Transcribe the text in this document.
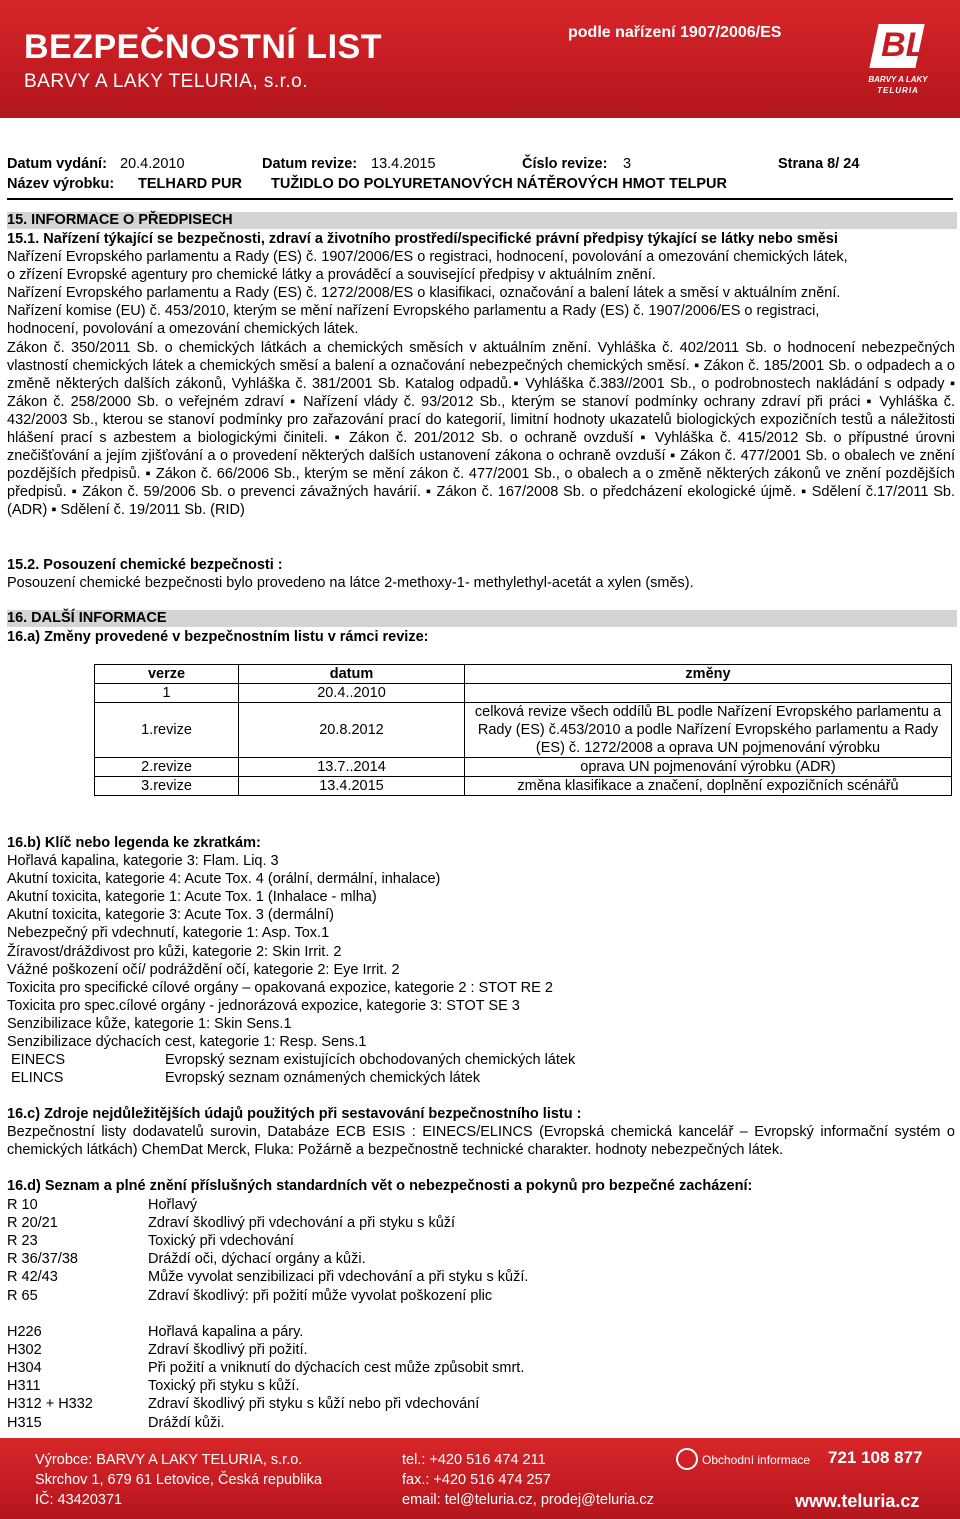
BEZPEČNOSTNÍ LIST
BARVY A LAKY TELURIA, s.r.o.
podle nařízení 1907/2006/ES	BL
BARVY A LAKY
TELURIA
Datum vydání: 20.4.2010	Datum revize: 13.4.2015	Číslo revize: 3	Strana 8/ 24
Název výrobku: TELHARD PUR TUŽIDLO DO POLYURETANOVÝCH NÁTĚROVÝCH HMOT TELPUR
15. INFORMACE O PŘEDPISECH

15.1. Nařízení týkající se bezpečnosti, zdraví a životního prostředí/specifické právní předpisy týkající se látky nebo směsi

Nařízení Evropského parlamentu a Rady (ES) č. 1907/2006/ES o registraci, hodnocení, povolování a omezování chemických látek,

o zřízení Evropské agentury pro chemické látky a prováděcí a související předpisy v aktuálním znění.

Nařízení Evropského parlamentu a Rady (ES) č. 1272/2008/ES o klasifikaci, označování a balení látek a směsí v aktuálním znění.

Nařízení komise (EU) č. 453/2010, kterým se mění nařízení Evropského parlamentu a Rady (ES) č. 1907/2006/ES o registraci,

hodnocení, povolování a omezování chemických látek.

Zákon č. 350/2011 Sb. o chemických látkách a chemických směsích v aktuálním znění. Vyhláška č. 402/2011 Sb. o hodnocení nebezpečných vlastností chemických látek a chemických směsí a balení a označování nebezpečných chemických směsí. ▪ Zákon č. 185/2001 Sb. o odpadech a o změně některých dalších zákonů, Vyhláška č. 381/2001 Sb. Katalog odpadů.▪ Vyhláška č.383//2001 Sb., o podrobnostech nakládání s odpady ▪ Zákon č. 258/2000 Sb. o veřejném zdraví ▪ Nařízení vlády č. 93/2012 Sb., kterým se stanoví podmínky ochrany zdraví při práci ▪ Vyhláška č. 432/2003 Sb., kterou se stanoví podmínky pro zařazování prací do kategorií, limitní hodnoty ukazatelů biologických expozičních testů a náležitosti hlášení prací s azbestem a biologickými činiteli. ▪ Zákon č. 201/2012 Sb. o ochraně ovzduší ▪ Vyhláška č. 415/2012 Sb. o přípustné úrovni znečišťování a jejím zjišťování a o provedení některých dalších ustanovení zákona o ochraně ovzduší ▪ Zákon č. 477/2001 Sb. o obalech ve znění pozdějších předpisů. ▪ Zákon č. 66/2006 Sb., kterým se mění zákon č. 477/2001 Sb., o obalech a o změně některých zákonů ve znění pozdějších předpisů. ▪ Zákon č. 59/2006 Sb. o prevenci závažných havárií. ▪ Zákon č. 167/2008 Sb. o předcházení ekologické újmě. ▪ Sdělení č.17/2011 Sb. (ADR) ▪ Sdělení č. 19/2011 Sb. (RID)

15.2. Posouzení chemické bezpečnosti :

Posouzení chemické bezpečnosti bylo provedeno na látce 2-methoxy-1- methylethyl-acetát a xylen (směs).

16. DALŠÍ INFORMACE
16.a) Změny provedené v bezpečnostním listu v rámci revize:
verze	datum	změny
1	20.4..2010	
1.revize	20.8.2012	celková revize všech oddílů BL podle Nařízení Evropského parlamentu a Rady (ES) č.453/2010 a podle Nařízení Evropského parlamentu a Rady (ES) č. 1272/2008 a oprava UN pojmenování výrobku
2.revize	13.7..2014	oprava UN pojmenování výrobku (ADR)
3.revize	13.4.2015	změna klasifikace a značení, doplnění expozičních scénářů

16.b) Klíč nebo legenda ke zkratkám:

Hořlavá kapalina, kategorie 3: Flam. Liq. 3

Akutní toxicita, kategorie 4: Acute Tox. 4 (orální, dermální, inhalace)

Akutní toxicita, kategorie 1: Acute Tox. 1 (Inhalace - mlha)

Akutní toxicita, kategorie 3: Acute Tox. 3 (dermální)

Nebezpečný při vdechnutí, kategorie 1: Asp. Tox.1

Žíravost/dráždivost pro kůži, kategorie 2: Skin Irrit. 2

Vážné poškození očí/ podráždění očí, kategorie 2: Eye Irrit. 2

Toxicita pro specifické cílové orgány – opakovaná expozice, kategorie 2 : STOT RE 2

Toxicita pro spec.cílové orgány - jednorázová expozice, kategorie 3: STOT SE 3

Senzibilizace kůže, kategorie 1: Skin Sens.1

Senzibilizace dýchacích cest, kategorie 1: Resp. Sens.1

EINECS	Evropský seznam existujících obchodovaných chemických látek
ELINCS	Evropský seznam oznámených chemických látek

16.c) Zdroje nejdůležitějších údajů použitých při sestavování bezpečnostního listu :

Bezpečnostní listy dodavatelů surovin, Databáze ECB ESIS : EINECS/ELINCS (Evropská chemická kancelář – Evropský informační systém o chemických látkách) ChemDat Merck, Fluka: Požárně a bezpečnostně technické charakter. hodnoty nebezpečných látek.

16.d) Seznam a plné znění příslušných standardních vět o nebezpečnosti a pokynů pro bezpečné zacházení:
R 10	Hořlavý
R 20/21	Zdraví škodlivý při vdechování a při styku s kůží
R 23	Toxický při vdechování
R 36/37/38	Dráždí oči, dýchací orgány a kůži.
R 42/43	Může vyvolat senzibilizaci při vdechování a při styku s kůží.
R 65	Zdraví škodlivý: při požití může vyvolat poškození plic
H226	Hořlavá kapalina a páry.
H302	Zdraví škodlivý při požití.
H304	Při požití a vniknutí do dýchacích cest může způsobit smrt.
H311	Toxický při styku s kůží.
H312 + H332	Zdraví škodlivý při styku s kůží nebo při vdechování
H315	Dráždí kůži.
Výrobce: BARVY A LAKY TELURIA, s.r.o.
Skrchov 1, 679 61 Letovice, Česká republika
IČ: 43420371
tel.: +420 516 474 211
fax.: +420 516 474 257
email: tel@teluria.cz, prodej@teluria.cz
Obchodní informace 721 108 877
www.teluria.cz
